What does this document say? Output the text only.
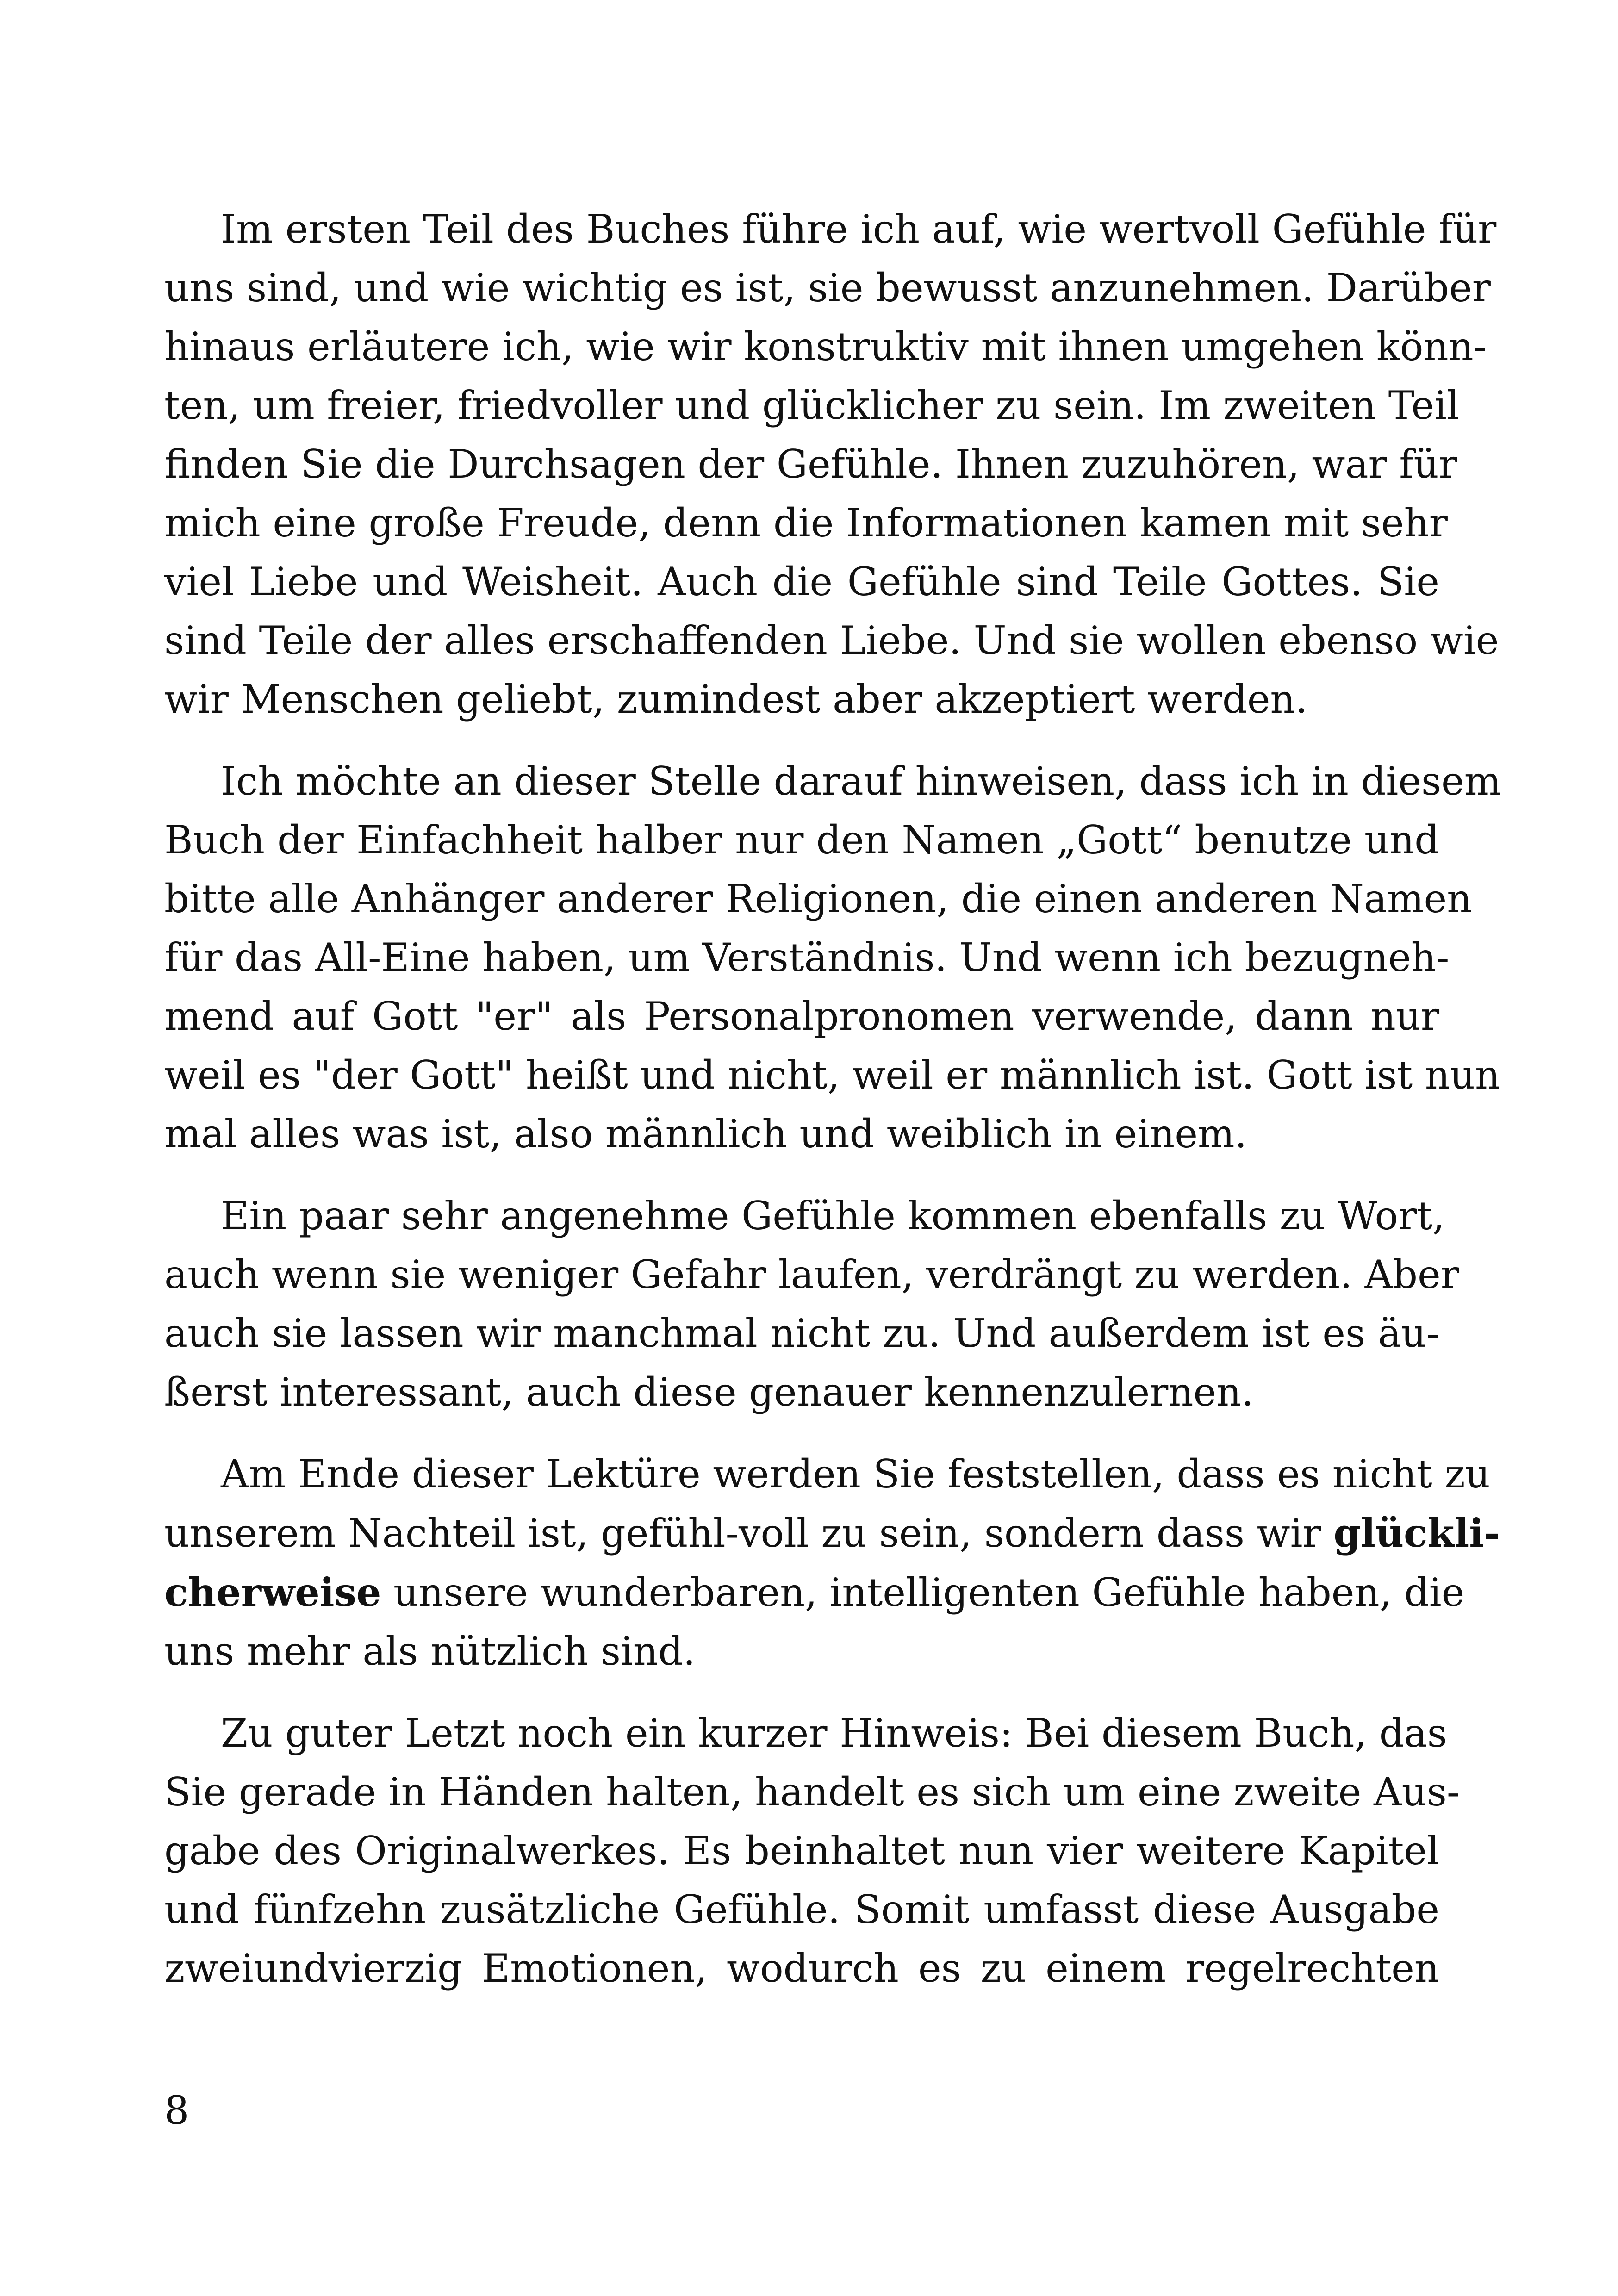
Im ersten Teil des Buches führe ich auf, wie wertvoll Gefühle für
uns sind, und wie wichtig es ist, sie bewusst anzunehmen. Darüber
hinaus erläutere ich, wie wir konstruktiv mit ihnen umgehen könn-
ten, um freier, friedvoller und glücklicher zu sein. Im zweiten Teil
finden Sie die Durchsagen der Gefühle. Ihnen zuzuhören, war für
mich eine große Freude, denn die Informationen kamen mit sehr
viel Liebe und Weisheit. Auch die Gefühle sind Teile Gottes. Sie
sind Teile der alles erschaffenden Liebe. Und sie wollen ebenso wie
wir Menschen geliebt, zumindest aber akzeptiert werden.
Ich möchte an dieser Stelle darauf hinweisen, dass ich in diesem
Buch der Einfachheit halber nur den Namen „Gott“ benutze und
bitte alle Anhänger anderer Religionen, die einen anderen Namen
für das All-Eine haben, um Verständnis. Und wenn ich bezugneh-
mend auf Gott "er" als Personalpronomen verwende, dann nur
weil es "der Gott" heißt und nicht, weil er männlich ist. Gott ist nun
mal alles was ist, also männlich und weiblich in einem.
Ein paar sehr angenehme Gefühle kommen ebenfalls zu Wort,
auch wenn sie weniger Gefahr laufen, verdrängt zu werden. Aber
auch sie lassen wir manchmal nicht zu. Und außerdem ist es äu-
ßerst interessant, auch diese genauer kennenzulernen.
Am Ende dieser Lektüre werden Sie feststellen, dass es nicht zu
unserem Nachteil ist, gefühl-voll zu sein, sondern dass wir glückli-
cherweise unsere wunderbaren, intelligenten Gefühle haben, die
uns mehr als nützlich sind.
Zu guter Letzt noch ein kurzer Hinweis: Bei diesem Buch, das
Sie gerade in Händen halten, handelt es sich um eine zweite Aus-
gabe des Originalwerkes. Es beinhaltet nun vier weitere Kapitel
und fünfzehn zusätzliche Gefühle. Somit umfasst diese Ausgabe
zweiundvierzig Emotionen, wodurch es zu einem regelrechten
8
